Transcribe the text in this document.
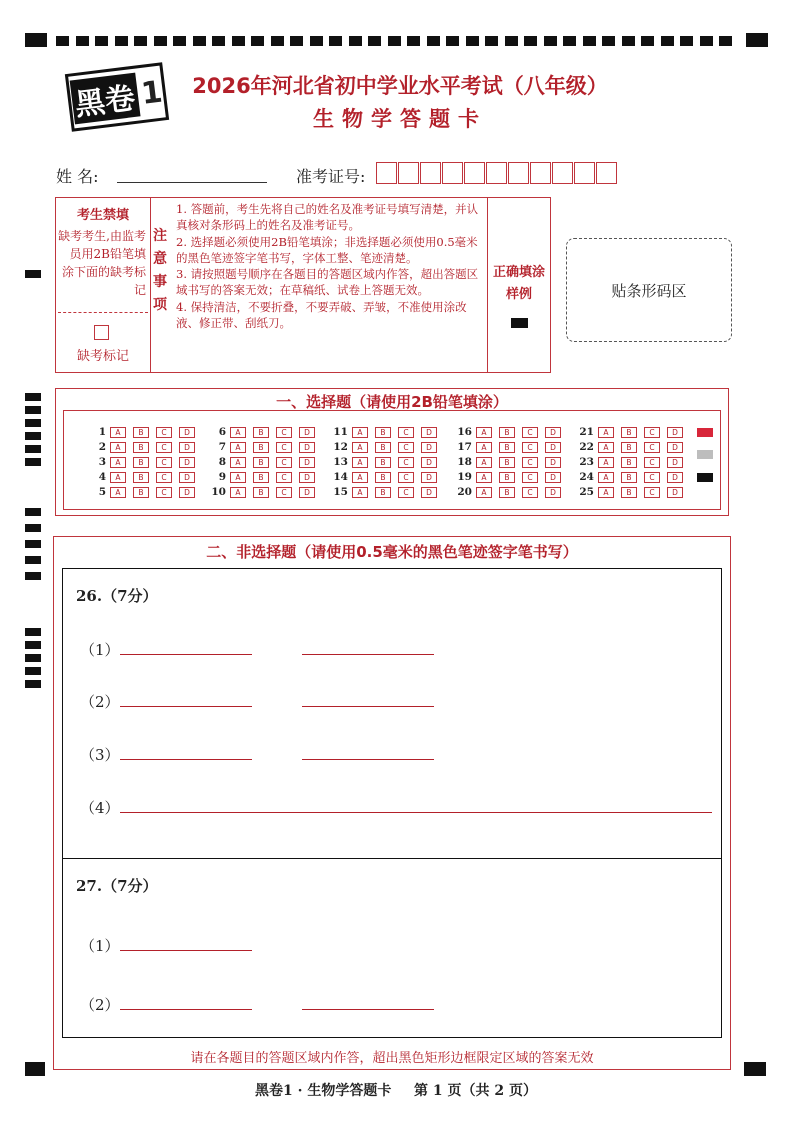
黑卷 1	2026年河北省初中学业水平考试（八年级）
生物学答题卡
姓 名:	准考证号:
考生禁填
缺考考生,由监考员用2B铅笔填涂下面的缺考标记
缺考标记
注意事项
1. 答题前，考生先将自己的姓名及准考证号填写清楚，并认真核对条形码上的姓名及准考证号。
2. 选择题必须使用2B铅笔填涂；非选择题必须使用0.5毫米的黑色笔迹签字笔书写，字体工整、笔迹清楚。
3. 请按照题号顺序在各题目的答题区域内作答，超出答题区域书写的答案无效；在草稿纸、试卷上答题无效。
4. 保持清洁，不要折叠，不要弄破、弄皱，不准使用涂改液、修正带、刮纸刀。
正确填涂样例	贴条形码区
一、选择题（请使用2B铅笔填涂）
1	A	B	C	D
2	A	B	C	D
3	A	B	C	D
4	A	B	C	D
5	A	B	C	D
6	A	B	C	D
7	A	B	C	D
8	A	B	C	D
9	A	B	C	D
10	A	B	C	D
11	A	B	C	D
12	A	B	C	D
13	A	B	C	D
14	A	B	C	D
15	A	B	C	D
16	A	B	C	D
17	A	B	C	D
18	A	B	C	D
19	A	B	C	D
20	A	B	C	D
21	A	B	C	D
22	A	B	C	D
23	A	B	C	D
24	A	B	C	D
25	A	B	C	D
二、非选择题（请使用0.5毫米的黑色笔迹签字笔书写）
26.（7分）
（1）
（2）
（3）
（4）
27.（7分）
（1）
（2）
请在各题目的答题区域内作答，超出黑色矩形边框限定区域的答案无效
黑卷1 · 生物学答题卡 第 1 页（共 2 页）
